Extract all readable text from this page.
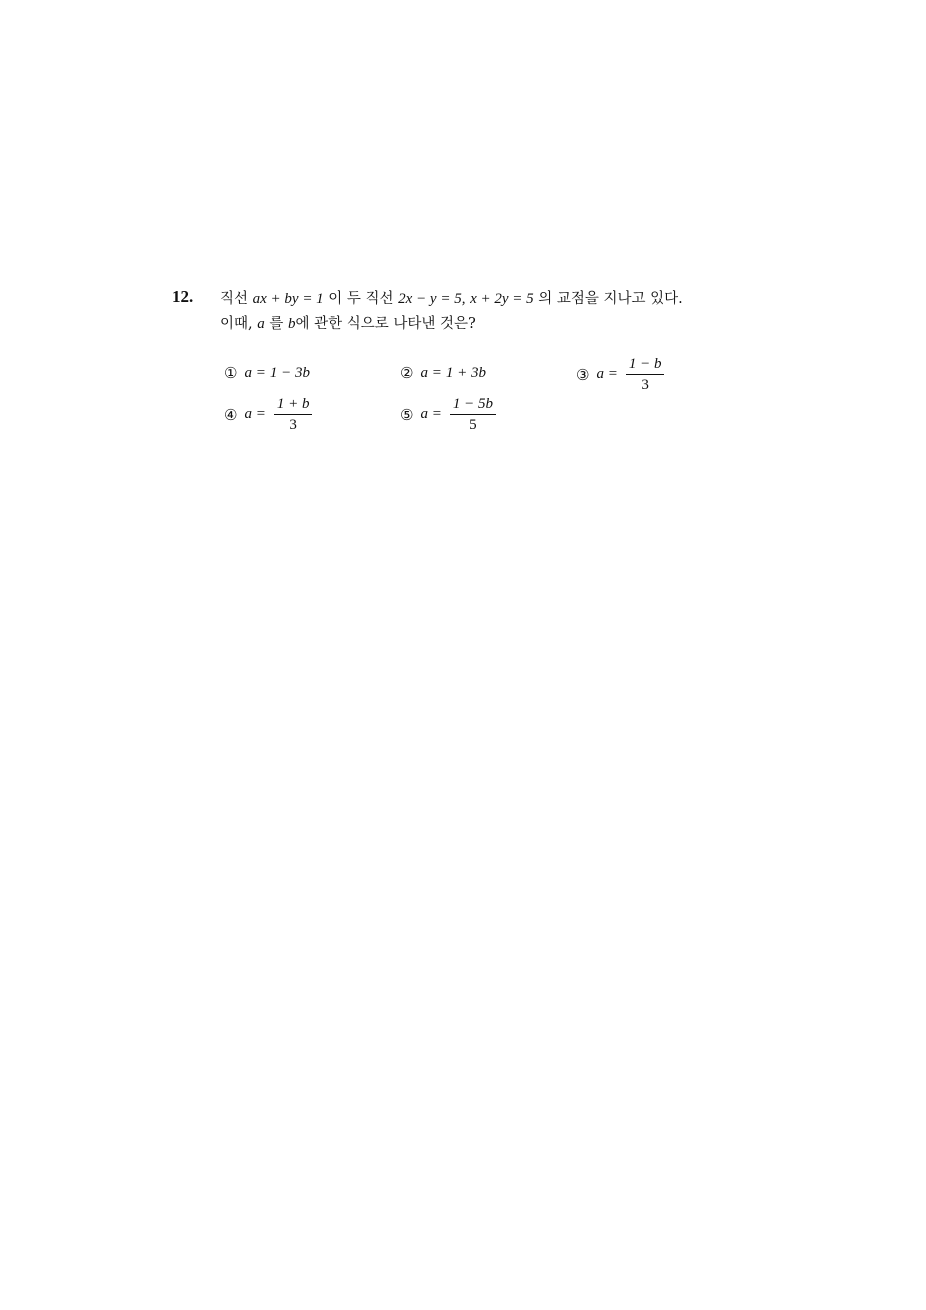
12. 직선 ax + by = 1 이 두 직선 2x − y = 5, x + 2y = 5 의 교점을 지나고 있다.
이때, a 를 b에 관한 식으로 나타낸 것은?
① a = 1 − 3b	② a = 1 + 3b	③ $a = \frac{1 - b}{3}$
④ $a = \frac{1 + b}{3}$	⑤ $a = \frac{1 - 5b}{5}$
